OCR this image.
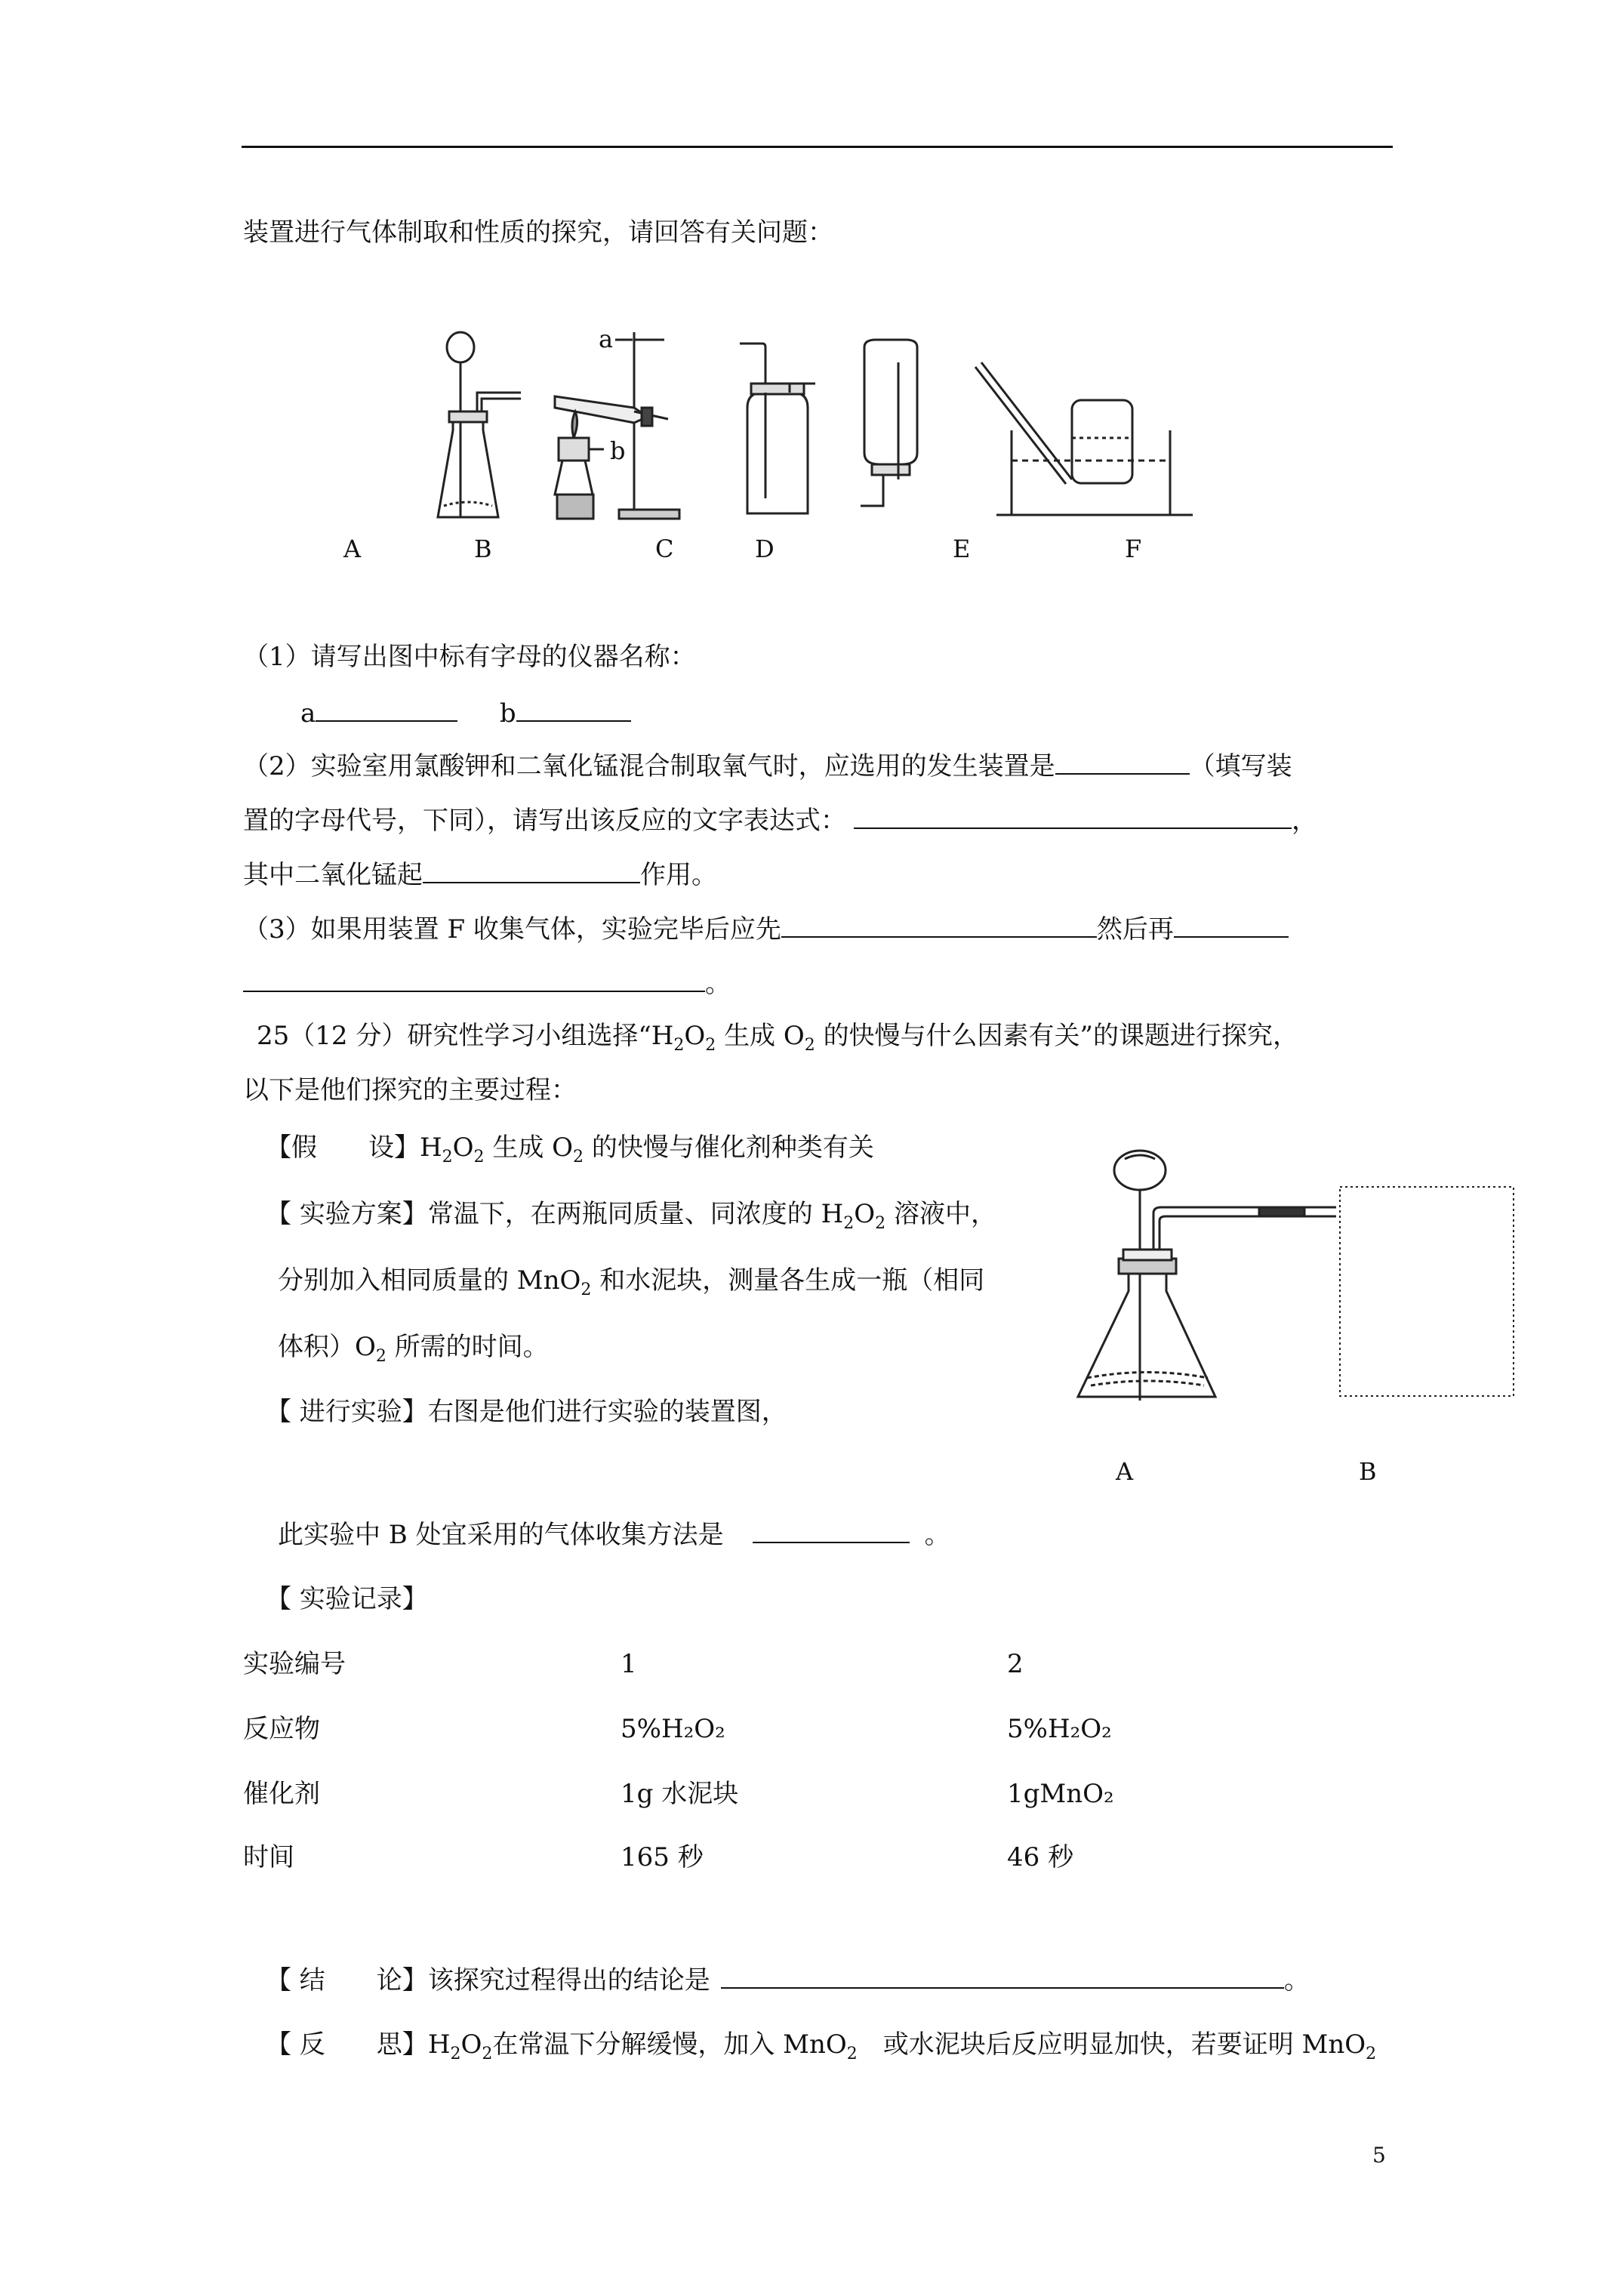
装置进行气体制取和性质的探究，请回答有关问题：
a
b
A	B	C	D	E	F
（1）请写出图中标有字母的仪器名称：
a	b
（2）实验室用氯酸钾和二氧化锰混合制取氧气时，应选用的发生装置是	（填写装
置的字母代号，下同），请写出该反应的文字表达式：	，
其中二氧化锰起	作用。
（3）如果用装置 F 收集气体，实验完毕后应先	然后再
。
25（12 分）研究性学习小组选择“$H_2O_2$ 生成 $O_2$ 的快慢与什么因素有关”的课题进行探究，
以下是他们探究的主要过程：
【假　　设】$H_2O_2$ 生成 $O_2$ 的快慢与催化剂种类有关
【 实验方案】常温下，在两瓶同质量、同浓度的 $H_2O_2$ 溶液中，
分别加入相同质量的 MnO$_2$ 和水泥块，测量各生成一瓶（相同
体积）$O_2$ 所需的时间。
【 进行实验】右图是他们进行实验的装置图，
A	B
此实验中 B 处宜采用的气体收集方法是	。
【 实验记录】
实验编号	1	2
反应物	5%H₂O₂	5%H₂O₂
催化剂	1g 水泥块	1gMnO₂
时间	165 秒	46 秒
【 结　　论】该探究过程得出的结论是	。
【 反　　思】$H_2O_2$在常温下分解缓慢，加入 MnO$_2$　 或水泥块后反应明显加快，若要证明 MnO$_2$
5
